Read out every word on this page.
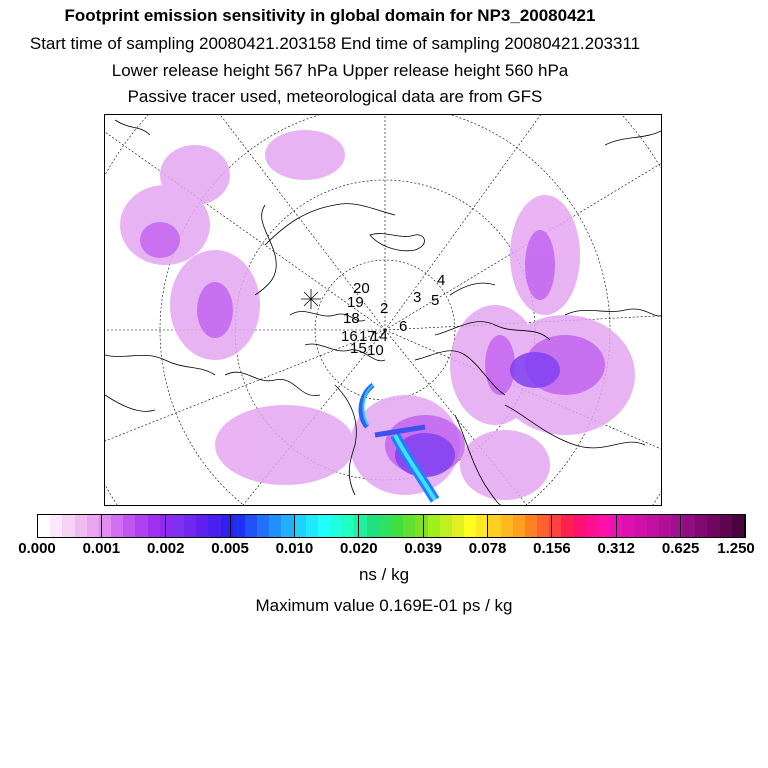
Footprint emission sensitivity in global domain for NP3_20080421
Start time of sampling 20080421.203158 End time of sampling 20080421.203311
Lower release height 567 hPa Upper release height 560 hPa
Passive tracer used, meteorological data are from GFS
20
19
18
2
3
4
5
6
16 17
14
15 10
0.000 0.001 0.002 0.005 0.010 0.020 0.039 0.078 0.156 0.312 0.625 1.250
ns / kg
Maximum value 0.169E-01 ps / kg
